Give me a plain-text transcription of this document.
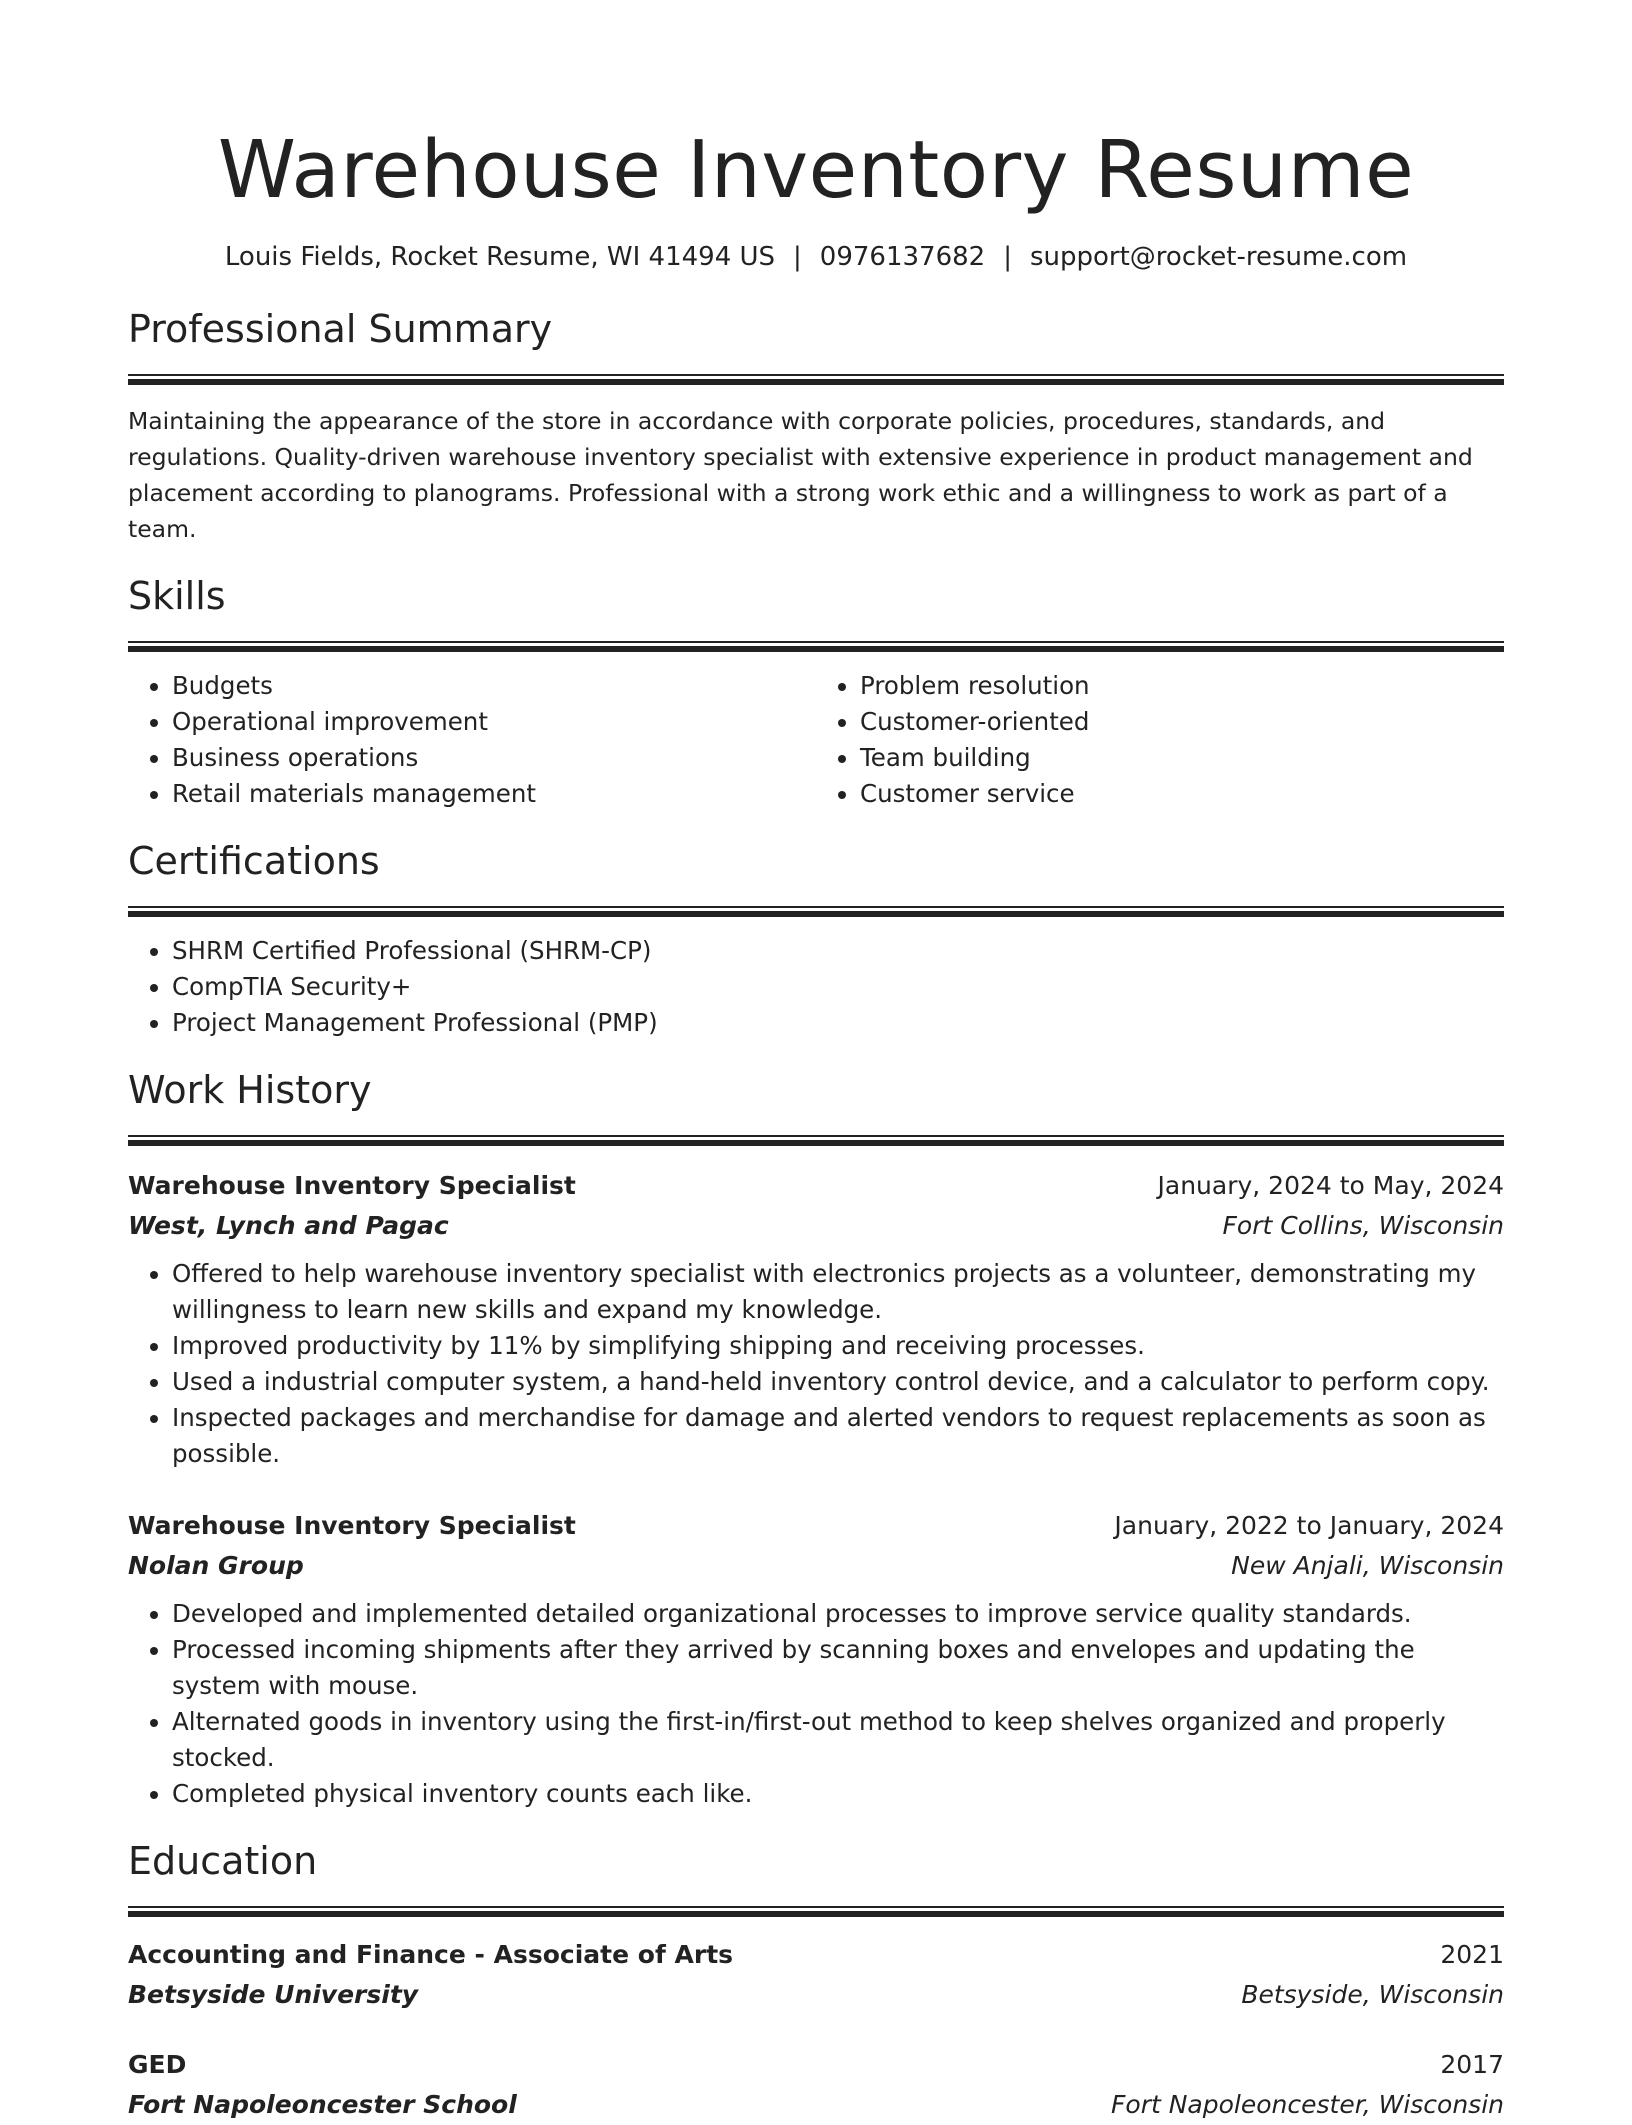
Warehouse Inventory Resume
Louis Fields, Rocket Resume, WI 41494 US | 0976137682 | support@rocket-resume.com
Professional Summary
Maintaining the appearance of the store in accordance with corporate policies, procedures, standards, and regulations. Quality-driven warehouse inventory specialist with extensive experience in product management and placement according to planograms. Professional with a strong work ethic and a willingness to work as part of a team.
Skills
• Budgets
• Operational improvement
• Business operations
• Retail materials management
• Problem resolution
• Customer-oriented
• Team building
• Customer service
Certifications
• SHRM Certified Professional (SHRM-CP)
• CompTIA Security+
• Project Management Professional (PMP)
Work History
Warehouse Inventory Specialist	January, 2024 to May, 2024
West, Lynch and Pagac	Fort Collins, Wisconsin
• Offered to help warehouse inventory specialist with electronics projects as a volunteer, demonstrating my willingness to learn new skills and expand my knowledge.
• Improved productivity by 11% by simplifying shipping and receiving processes.
• Used a industrial computer system, a hand-held inventory control device, and a calculator to perform copy.
• Inspected packages and merchandise for damage and alerted vendors to request replacements as soon as possible.
Warehouse Inventory Specialist	January, 2022 to January, 2024
Nolan Group	New Anjali, Wisconsin
• Developed and implemented detailed organizational processes to improve service quality standards.
• Processed incoming shipments after they arrived by scanning boxes and envelopes and updating the system with mouse.
• Alternated goods in inventory using the first-in/first-out method to keep shelves organized and properly stocked.
• Completed physical inventory counts each like.
Education
Accounting and Finance - Associate of Arts	2021
Betsyside University	Betsyside, Wisconsin
GED	2017
Fort Napoleoncester School	Fort Napoleoncester, Wisconsin
